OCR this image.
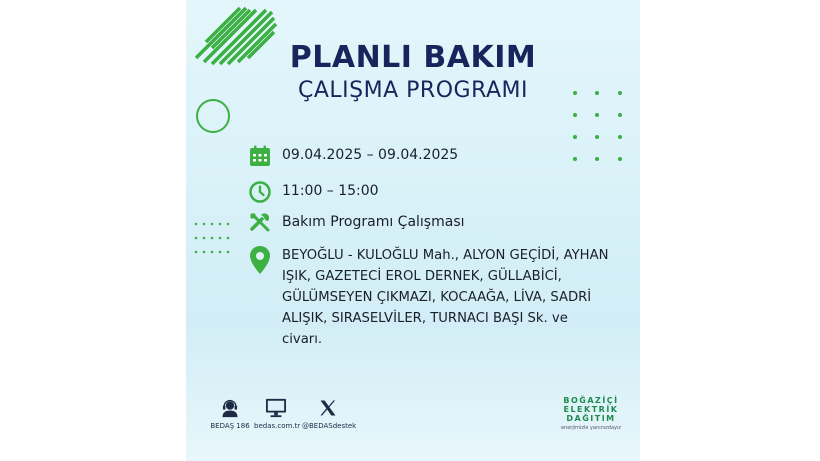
PLANLI BAKIM
ÇALIŞMA PROGRAMI
09.04.2025 – 09.04.2025
11:00 – 15:00
Bakım Programı Çalışması
BEYOĞLU - KULOĞLU Mah., ALYON GEÇİDİ, AYHAN IŞIK, GAZETECİ EROL DERNEK, GÜLLABİCİ, GÜLÜMSEYEN ÇIKMAZI, KOCAAĞA, LİVA, SADRİ ALIŞIK, SIRASELVİLER, TURNACI BAŞI Sk. ve civarı.
BEDAŞ 186 bedas.com.tr @BEDASdestek
BOĞAZİÇİ
ELEKTRİK
DAĞITIM
enerjimizle yanınızdayız
